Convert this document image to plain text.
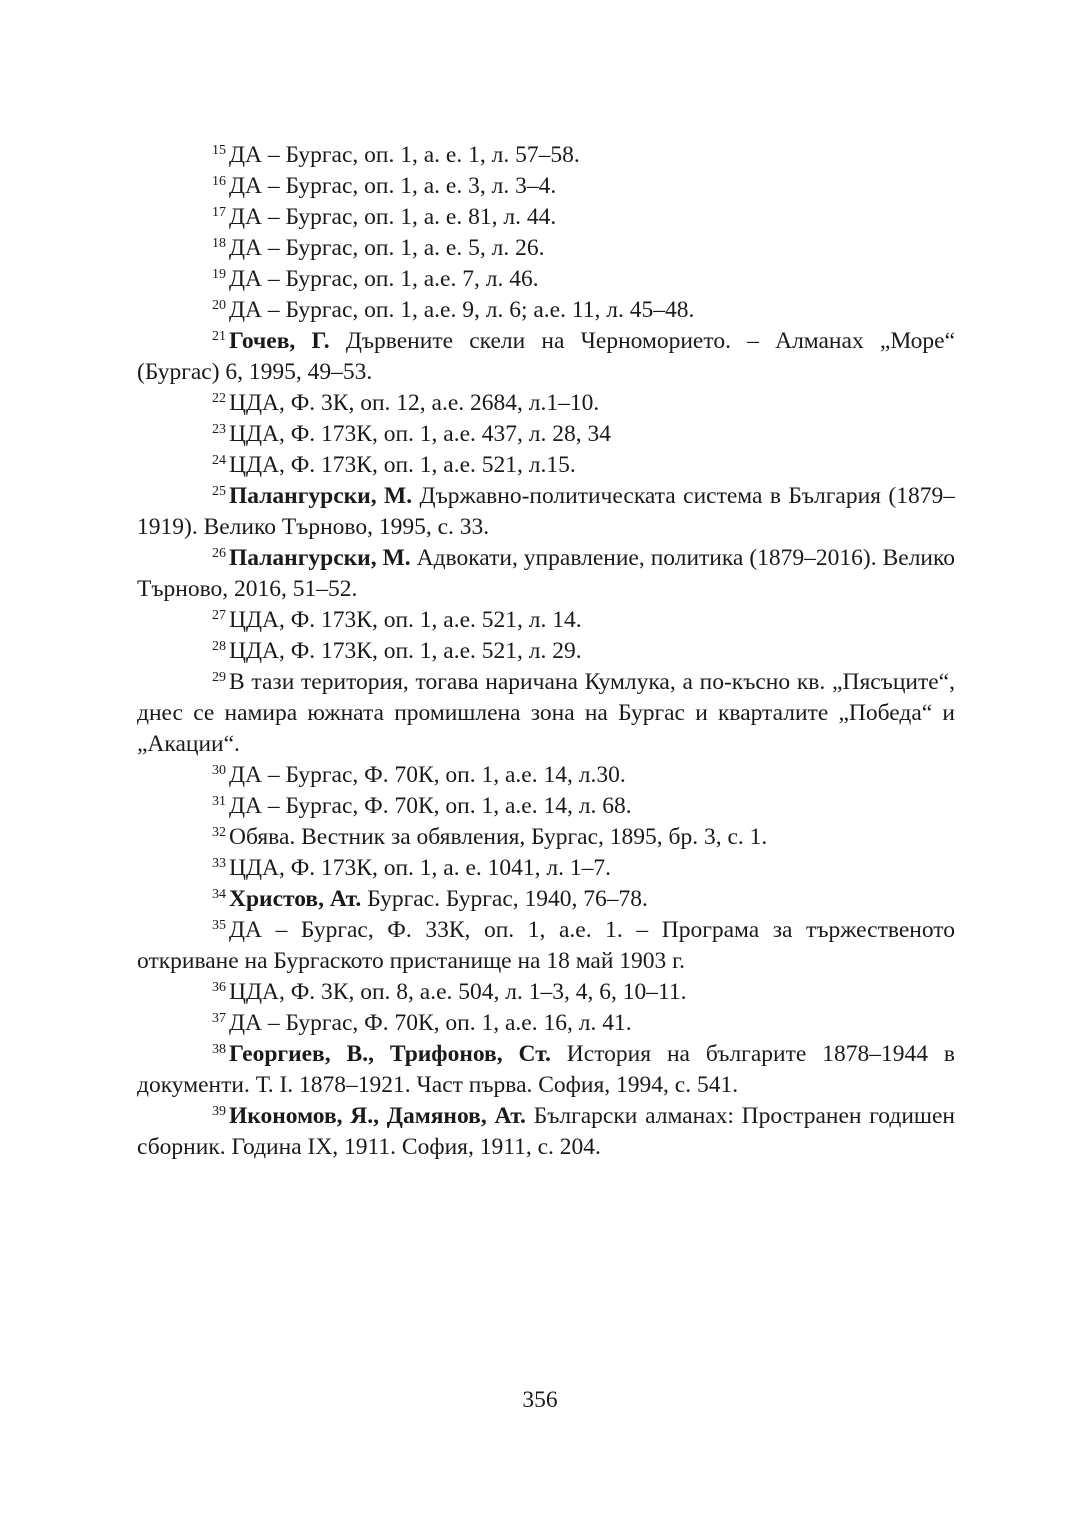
$^{15}$ ДА – Бургас, оп. 1, а. е. 1, л. 57–58.

$^{16}$ ДА – Бургас, оп. 1, а. е. 3, л. 3–4.

$^{17}$ ДА – Бургас, оп. 1, а. е. 81, л. 44.

$^{18}$ ДА – Бургас, оп. 1, а. е. 5, л. 26.

$^{19}$ ДА – Бургас, оп. 1, а.е. 7, л. 46.

$^{20}$ ДА – Бургас, оп. 1, а.е. 9, л. 6; а.е. 11, л. 45–48.

$^{21}$ Гочев, Г. Дървените скели на Черноморието. – Алманах „Море“ (Бургас) 6, 1995, 49–53.

$^{22}$ ЦДА, Ф. 3К, оп. 12, а.е. 2684, л.1–10.

$^{23}$ ЦДА, Ф. 173К, оп. 1, а.е. 437, л. 28, 34

$^{24}$ ЦДА, Ф. 173К, оп. 1, а.е. 521, л.15.

$^{25}$ Палангурски, М. Държавно-политическата система в България (1879–1919). Велико Търново, 1995, с. 33.

$^{26}$ Палангурски, М. Адвокати, управление, политика (1879–2016). Велико Търново, 2016, 51–52.

$^{27}$ ЦДА, Ф. 173К, оп. 1, а.е. 521, л. 14.

$^{28}$ ЦДА, Ф. 173К, оп. 1, а.е. 521, л. 29.

$^{29}$ В тази територия, тогава наричана Кумлука, а по-късно кв. „Пясъците“, днес се намира южната промишлена зона на Бургас и кварталите „Победа“ и „Акации“.

$^{30}$ ДА – Бургас, Ф. 70К, оп. 1, а.е. 14, л.30.

$^{31}$ ДА – Бургас, Ф. 70К, оп. 1, а.е. 14, л. 68.

$^{32}$ Обява. Вестник за обявления, Бургас, 1895, бр. 3, с. 1.

$^{33}$ ЦДА, Ф. 173К, оп. 1, а. е. 1041, л. 1–7.

$^{34}$ Христов, Ат. Бургас. Бургас, 1940, 76–78.

$^{35}$ ДА – Бургас, Ф. 33К, оп. 1, а.е. 1. – Програма за тържественото откриване на Бургаското пристанище на 18 май 1903 г.

$^{36}$ ЦДА, Ф. 3К, оп. 8, а.е. 504, л. 1–3, 4, 6, 10–11.

$^{37}$ ДА – Бургас, Ф. 70К, оп. 1, а.е. 16, л. 41.

$^{38}$ Георгиев, В., Трифонов, Ст. История на българите 1878–1944 в документи. Т. I. 1878–1921. Част първа. София, 1994, с. 541.

$^{39}$ Икономов, Я., Дамянов, Ат. Български алманах: Пространен годишен сборник. Година IX, 1911. София, 1911, с. 204.

356
